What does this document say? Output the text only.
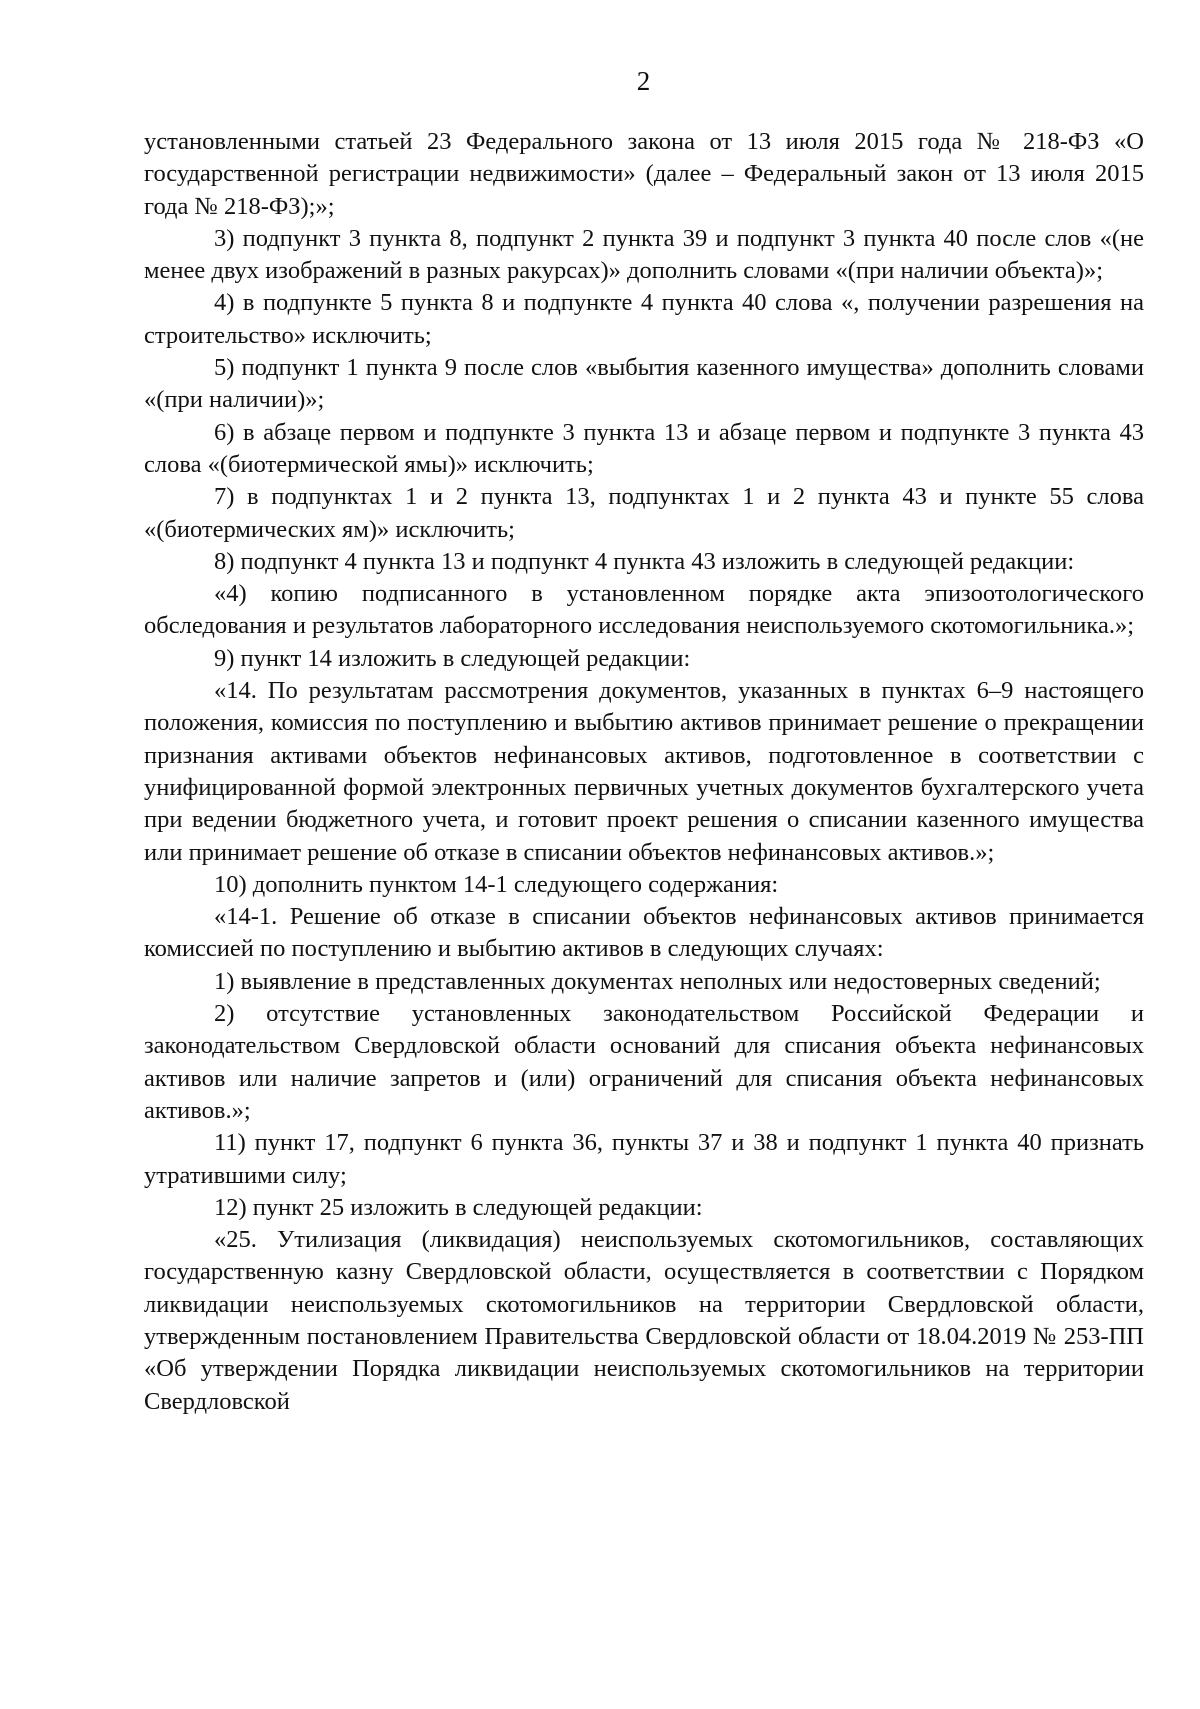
2

установленными статьей 23 Федерального закона от 13 июля 2015 года № 218-ФЗ «О государственной регистрации недвижимости» (далее – Федеральный закон от 13 июля 2015 года № 218-ФЗ);»;

3) подпункт 3 пункта 8, подпункт 2 пункта 39 и подпункт 3 пункта 40 после слов «(не менее двух изображений в разных ракурсах)» дополнить словами «(при наличии объекта)»;

4) в подпункте 5 пункта 8 и подпункте 4 пункта 40 слова «, получении разрешения на строительство» исключить;

5) подпункт 1 пункта 9 после слов «выбытия казенного имущества» дополнить словами «(при наличии)»;

6) в абзаце первом и подпункте 3 пункта 13 и абзаце первом и подпункте 3 пункта 43 слова «(биотермической ямы)» исключить;

7) в подпунктах 1 и 2 пункта 13, подпунктах 1 и 2 пункта 43 и пункте 55 слова «(биотермических ям)» исключить;

8) подпункт 4 пункта 13 и подпункт 4 пункта 43 изложить в следующей редакции:

«4) копию подписанного в установленном порядке акта эпизоотологического обследования и результатов лабораторного исследования неиспользуемого скотомогильника.»;

9) пункт 14 изложить в следующей редакции:

«14. По результатам рассмотрения документов, указанных в пунктах 6–9 настоящего положения, комиссия по поступлению и выбытию активов принимает решение о прекращении признания активами объектов нефинансовых активов, подготовленное в соответствии с унифицированной формой электронных первичных учетных документов бухгалтерского учета при ведении бюджетного учета, и готовит проект решения о списании казенного имущества или принимает решение об отказе в списании объектов нефинансовых активов.»;

10) дополнить пунктом 14-1 следующего содержания:

«14-1. Решение об отказе в списании объектов нефинансовых активов принимается комиссией по поступлению и выбытию активов в следующих случаях:

1) выявление в представленных документах неполных или недостоверных сведений;

2) отсутствие установленных законодательством Российской Федерации и законодательством Свердловской области оснований для списания объекта нефинансовых активов или наличие запретов и (или) ограничений для списания объекта нефинансовых активов.»;

11) пункт 17, подпункт 6 пункта 36, пункты 37 и 38 и подпункт 1 пункта 40 признать утратившими силу;

12) пункт 25 изложить в следующей редакции:

«25. Утилизация (ликвидация) неиспользуемых скотомогильников, составляющих государственную казну Свердловской области, осуществляется в соответствии с Порядком ликвидации неиспользуемых скотомогильников на территории Свердловской области, утвержденным постановлением Правительства Свердловской области от 18.04.2019 № 253-ПП «Об утверждении Порядка ликвидации неиспользуемых скотомогильников на территории Свердловской
